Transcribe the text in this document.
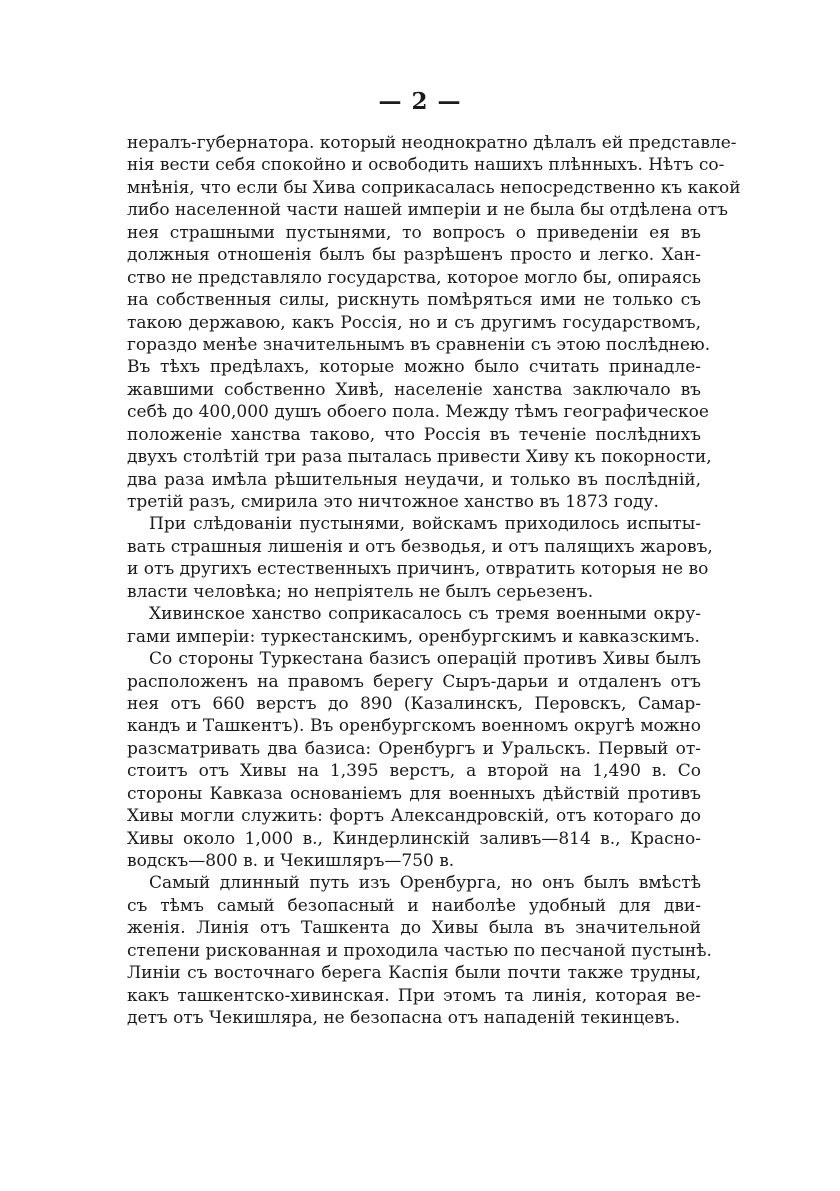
— 2 —
нералъ-губернатора. который неоднократно дѣлалъ ей представле-
нія вести себя спокойно и освободить нашихъ плѣнныхъ. Нѣтъ со-
мнѣнія, что если бы Хива соприкасалась непосредственно къ какой
либо населенной части нашей имперіи и не была бы отдѣлена отъ
нея страшными пустынями, то вопросъ о приведеніи ея въ
должныя отношенія былъ бы разрѣшенъ просто и легко. Хан-
ство не представляло государства, которое могло бы, опираясь
на собственныя силы, рискнуть помѣряться ими не только съ
такою державою, какъ Россія, но и съ другимъ государствомъ,
гораздо менѣе значительнымъ въ сравненіи съ этою послѣднею.
Въ тѣхъ предѣлахъ, которые можно было считать принадле-
жавшими собственно Хивѣ, населеніе ханства заключало въ
себѣ до 400,000 душъ обоего пола. Между тѣмъ географическое
положеніе ханства таково, что Россія въ теченіе послѣднихъ
двухъ столѣтій три раза пыталась привести Хиву къ покорности,
два раза имѣла рѣшительныя неудачи, и только въ послѣдній,
третій разъ, смирила это ничтожное ханство въ 1873 году.
При слѣдованіи пустынями, войскамъ приходилось испыты-
вать страшныя лишенія и отъ безводья, и отъ палящихъ жаровъ,
и отъ другихъ естественныхъ причинъ, отвратить которыя не во
власти человѣка; но непріятель не былъ серьезенъ.
Хивинское ханство соприкасалось съ тремя военными окру-
гами имперіи: туркестанскимъ, оренбургскимъ и кавказскимъ.
Со стороны Туркестана базисъ операцій противъ Хивы былъ
расположенъ на правомъ берегу Сыръ-дарьи и отдаленъ отъ
нея отъ 660 верстъ до 890 (Казалинскъ, Перовскъ, Самар-
кандъ и Ташкентъ). Въ оренбургскомъ военномъ округѣ можно
разсматривать два базиса: Оренбургъ и Уральскъ. Первый от-
стоитъ отъ Хивы на 1,395 верстъ, а второй на 1,490 в. Со
стороны Кавказа основаніемъ для военныхъ дѣйствій противъ
Хивы могли служить: фортъ Александровскій, отъ котораго до
Хивы около 1,000 в., Киндерлинскій заливъ—814 в., Красно-
водскъ—800 в. и Чекишляръ—750 в.
Самый длинный путь изъ Оренбурга, но онъ былъ вмѣстѣ
съ тѣмъ самый безопасный и наиболѣе удобный для дви-
женія. Линія отъ Ташкента до Хивы была въ значительной
степени рискованная и проходила частью по песчаной пустынѣ.
Линіи съ восточнаго берега Каспія были почти также трудны,
какъ ташкентско-хивинская. При этомъ та линія, которая ве-
детъ отъ Чекишляра, не безопасна отъ нападеній текинцевъ.
